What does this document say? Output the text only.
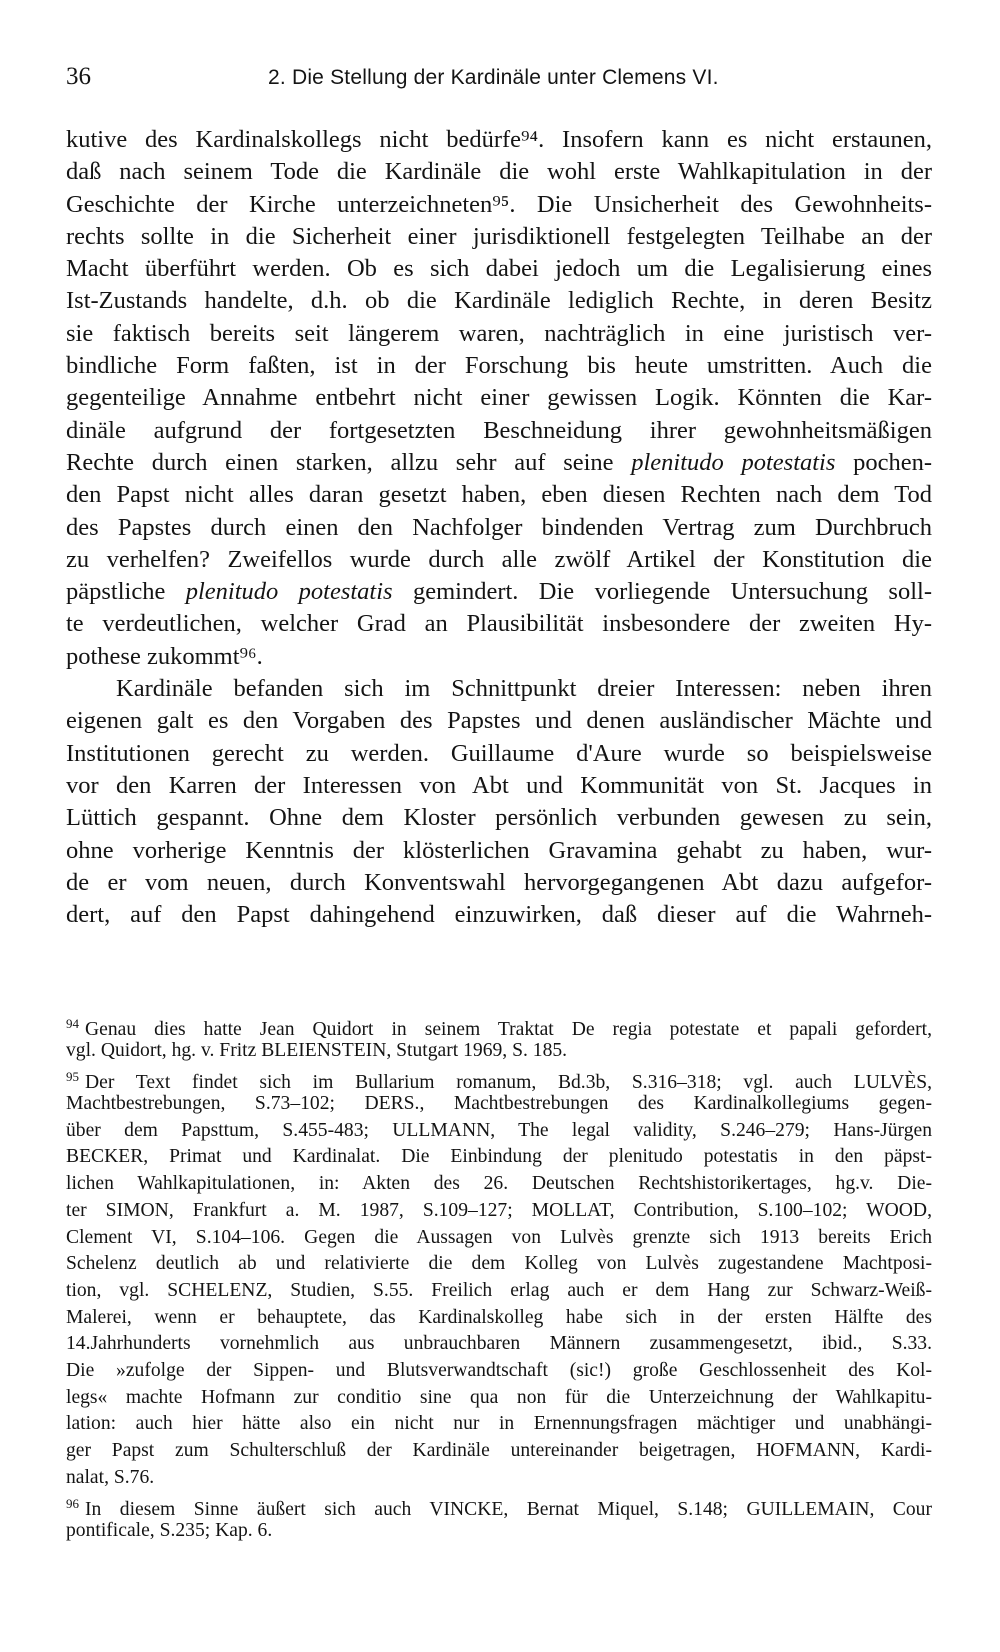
36	2. Die Stellung der Kardinäle unter Clemens VI.
kutive des Kardinalskollegs nicht bedürfe⁹⁴. Insofern kann es nicht erstaunen,
daß nach seinem Tode die Kardinäle die wohl erste Wahlkapitulation in der
Geschichte der Kirche unterzeichneten⁹⁵. Die Unsicherheit des Gewohnheits-
rechts sollte in die Sicherheit einer jurisdiktionell festgelegten Teilhabe an der
Macht überführt werden. Ob es sich dabei jedoch um die Legalisierung eines
Ist-Zustands handelte, d.h. ob die Kardinäle lediglich Rechte, in deren Besitz
sie faktisch bereits seit längerem waren, nachträglich in eine juristisch ver-
bindliche Form faßten, ist in der Forschung bis heute umstritten. Auch die
gegenteilige Annahme entbehrt nicht einer gewissen Logik. Könnten die Kar-
dinäle aufgrund der fortgesetzten Beschneidung ihrer gewohnheitsmäßigen
Rechte durch einen starken, allzu sehr auf seine plenitudo potestatis pochen-
den Papst nicht alles daran gesetzt haben, eben diesen Rechten nach dem Tod
des Papstes durch einen den Nachfolger bindenden Vertrag zum Durchbruch
zu verhelfen? Zweifellos wurde durch alle zwölf Artikel der Konstitution die
päpstliche plenitudo potestatis gemindert. Die vorliegende Untersuchung soll-
te verdeutlichen, welcher Grad an Plausibilität insbesondere der zweiten Hy-
pothese zukommt⁹⁶.
Kardinäle befanden sich im Schnittpunkt dreier Interessen: neben ihren
eigenen galt es den Vorgaben des Papstes und denen ausländischer Mächte und
Institutionen gerecht zu werden. Guillaume d'Aure wurde so beispielsweise
vor den Karren der Interessen von Abt und Kommunität von St. Jacques in
Lüttich gespannt. Ohne dem Kloster persönlich verbunden gewesen zu sein,
ohne vorherige Kenntnis der klösterlichen Gravamina gehabt zu haben, wur-
de er vom neuen, durch Konventswahl hervorgegangenen Abt dazu aufgefor-
dert, auf den Papst dahingehend einzuwirken, daß dieser auf die Wahrneh-
$^{94}$ Genau dies hatte Jean Quidort in seinem Traktat De regia potestate et papali gefordert,
vgl. Quidort, hg. v. Fritz BLEIENSTEIN, Stutgart 1969, S. 185.
$^{95}$ Der Text findet sich im Bullarium romanum, Bd.3b, S.316–318; vgl. auch LULVÈS,
Machtbestrebungen, S.73–102; DERS., Machtbestrebungen des Kardinalkollegiums gegen-
über dem Papsttum, S.455-483; ULLMANN, The legal validity, S.246–279; Hans-Jürgen
BECKER, Primat und Kardinalat. Die Einbindung der plenitudo potestatis in den päpst-
lichen Wahlkapitulationen, in: Akten des 26. Deutschen Rechtshistorikertages, hg.v. Die-
ter SIMON, Frankfurt a. M. 1987, S.109–127; MOLLAT, Contribution, S.100–102; WOOD,
Clement VI, S.104–106. Gegen die Aussagen von Lulvès grenzte sich 1913 bereits Erich
Schelenz deutlich ab und relativierte die dem Kolleg von Lulvès zugestandene Machtposi-
tion, vgl. SCHELENZ, Studien, S.55. Freilich erlag auch er dem Hang zur Schwarz-Weiß-
Malerei, wenn er behauptete, das Kardinalskolleg habe sich in der ersten Hälfte des
14.Jahrhunderts vornehmlich aus unbrauchbaren Männern zusammengesetzt, ibid., S.33.
Die »zufolge der Sippen- und Blutsverwandtschaft (sic!) große Geschlossenheit des Kol-
legs« machte Hofmann zur conditio sine qua non für die Unterzeichnung der Wahlkapitu-
lation: auch hier hätte also ein nicht nur in Ernennungsfragen mächtiger und unabhängi-
ger Papst zum Schulterschluß der Kardinäle untereinander beigetragen, HOFMANN, Kardi-
nalat, S.76.
$^{96}$ In diesem Sinne äußert sich auch VINCKE, Bernat Miquel, S.148; GUILLEMAIN, Cour
pontificale, S.235; Kap. 6.
